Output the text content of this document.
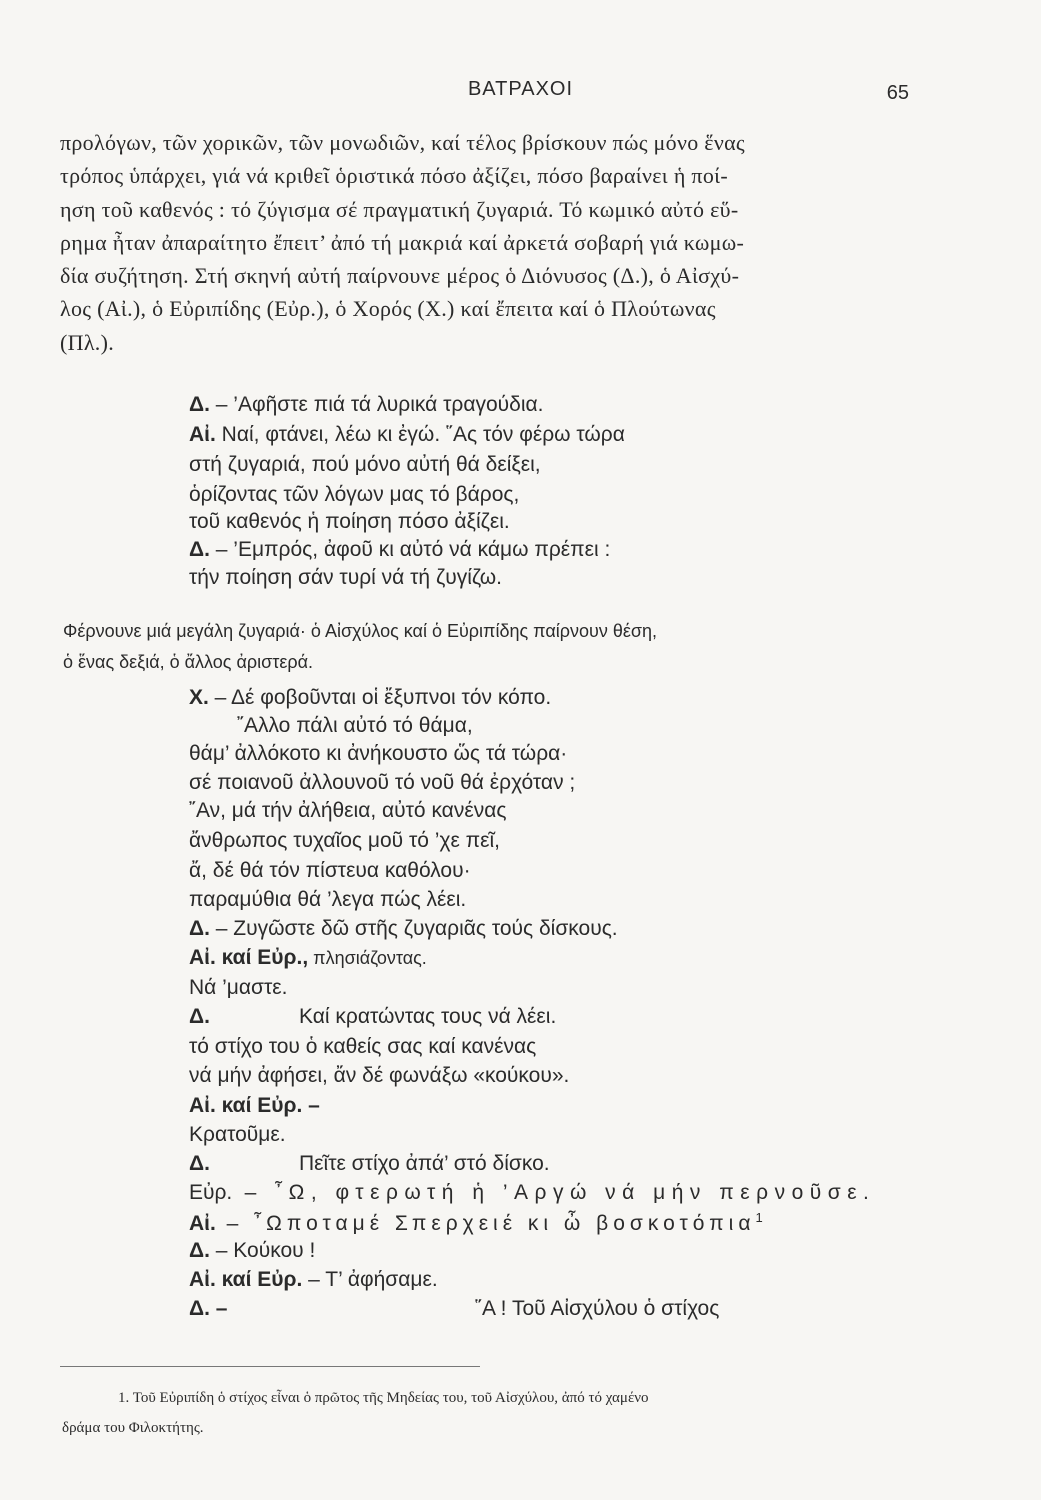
ΒΑΤΡΑΧΟΙ	65
προλόγων, τῶν χορικῶν, τῶν μονωδιῶν, καί τέλος βρίσκουν πώς μόνο ἕνας
τρόπος ὑπάρχει, γιά νά κριθεῖ ὁριστικά πόσο ἀξίζει, πόσο βαραίνει ἡ ποί-
ηση τοῦ καθενός : τό ζύγισμα σέ πραγματική ζυγαριά. Τό κωμικό αὐτό εὕ-
ρημα ἦταν ἀπαραίτητο ἔπειτ’ ἀπό τή μακριά καί ἀρκετά σοβαρή γιά κωμω-
δία συζήτηση. Στή σκηνή αὐτή παίρνουνε μέρος ὁ Διόνυσος (Δ.), ὁ Αἰσχύ-
λος (Αἰ.), ὁ Εὐριπίδης (Εὐρ.), ὁ Χορός (Χ.) καί ἔπειτα καί ὁ Πλούτωνας
(Πλ.).
Δ. – ’Αφῆστε πιά τά λυρικά τραγούδια.
Αἰ. Ναί, φτάνει, λέω κι ἐγώ. ῞Ας τόν φέρω τώρα
στή ζυγαριά, πού μόνο αὐτή θά δείξει,
ὁρίζοντας τῶν λόγων μας τό βάρος,
τοῦ καθενός ἡ ποίηση πόσο ἀξίζει.
Δ. – ’Εμπρός, ἀφοῦ κι αὐτό νά κάμω πρέπει :
τήν ποίηση σάν τυρί νά τή ζυγίζω.
Φέρνουνε μιά μεγάλη ζυγαριά· ὁ Αἰσχύλος καί ὁ Εὐριπίδης παίρνουν θέση,
ὁ ἕνας δεξιά, ὁ ἄλλος ἀριστερά.
Χ. – Δέ φοβοῦνται οἱ ἔξυπνοι τόν κόπο.
῎Αλλο πάλι αὐτό τό θάμα,
θάμ’ ἀλλόκοτο κι ἀνήκουστο ὥς τά τώρα·
σέ ποιανοῦ ἀλλουνοῦ τό νοῦ θά ἐρχόταν ;
῎Αν, μά τήν ἀλήθεια, αὐτό κανένας
ἄνθρωπος τυχαῖος μοῦ τό ’χε πεῖ,
ἄ, δέ θά τόν πίστευα καθόλου·
παραμύθια θά ’λεγα πώς λέει.
Δ. – Ζυγῶστε δῶ στῆς ζυγαριᾶς τούς δίσκους.
Αἰ. καί Εὐρ., πλησιάζοντας.
Νά ’μαστε.
Δ.	Καί κρατώντας τους νά λέει.
τό στίχο του ὁ καθείς σας καί κανένας
νά μήν ἀφήσει, ἄν δέ φωνάξω «κούκου».
Αἰ. καί Εὐρ. –
Κρατοῦμε.
Δ.	Πεῖτε στίχο ἀπά’ στό δίσκο.
Εὐρ. – ῏Ω, φτερωτή ἡ ’Αργώ νά μήν περνοῦσε.
Αἰ. – ῏Ωποταμέ Σπερχειέ κι ὦ βοσκοτόπια$^1$
Δ. – Κούκου !
Αἰ. καί Εὐρ. – Τ’ ἀφήσαμε.
Δ. –	῞Α ! Τοῦ Αἰσχύλου ὁ στίχος
1. Τοῦ Εὐριπίδη ὁ στίχος εἶναι ὁ πρῶτος τῆς Μηδείας του, τοῦ Αἰσχύλου, ἀπό τό χαμένο
δράμα του Φιλοκτήτης.
